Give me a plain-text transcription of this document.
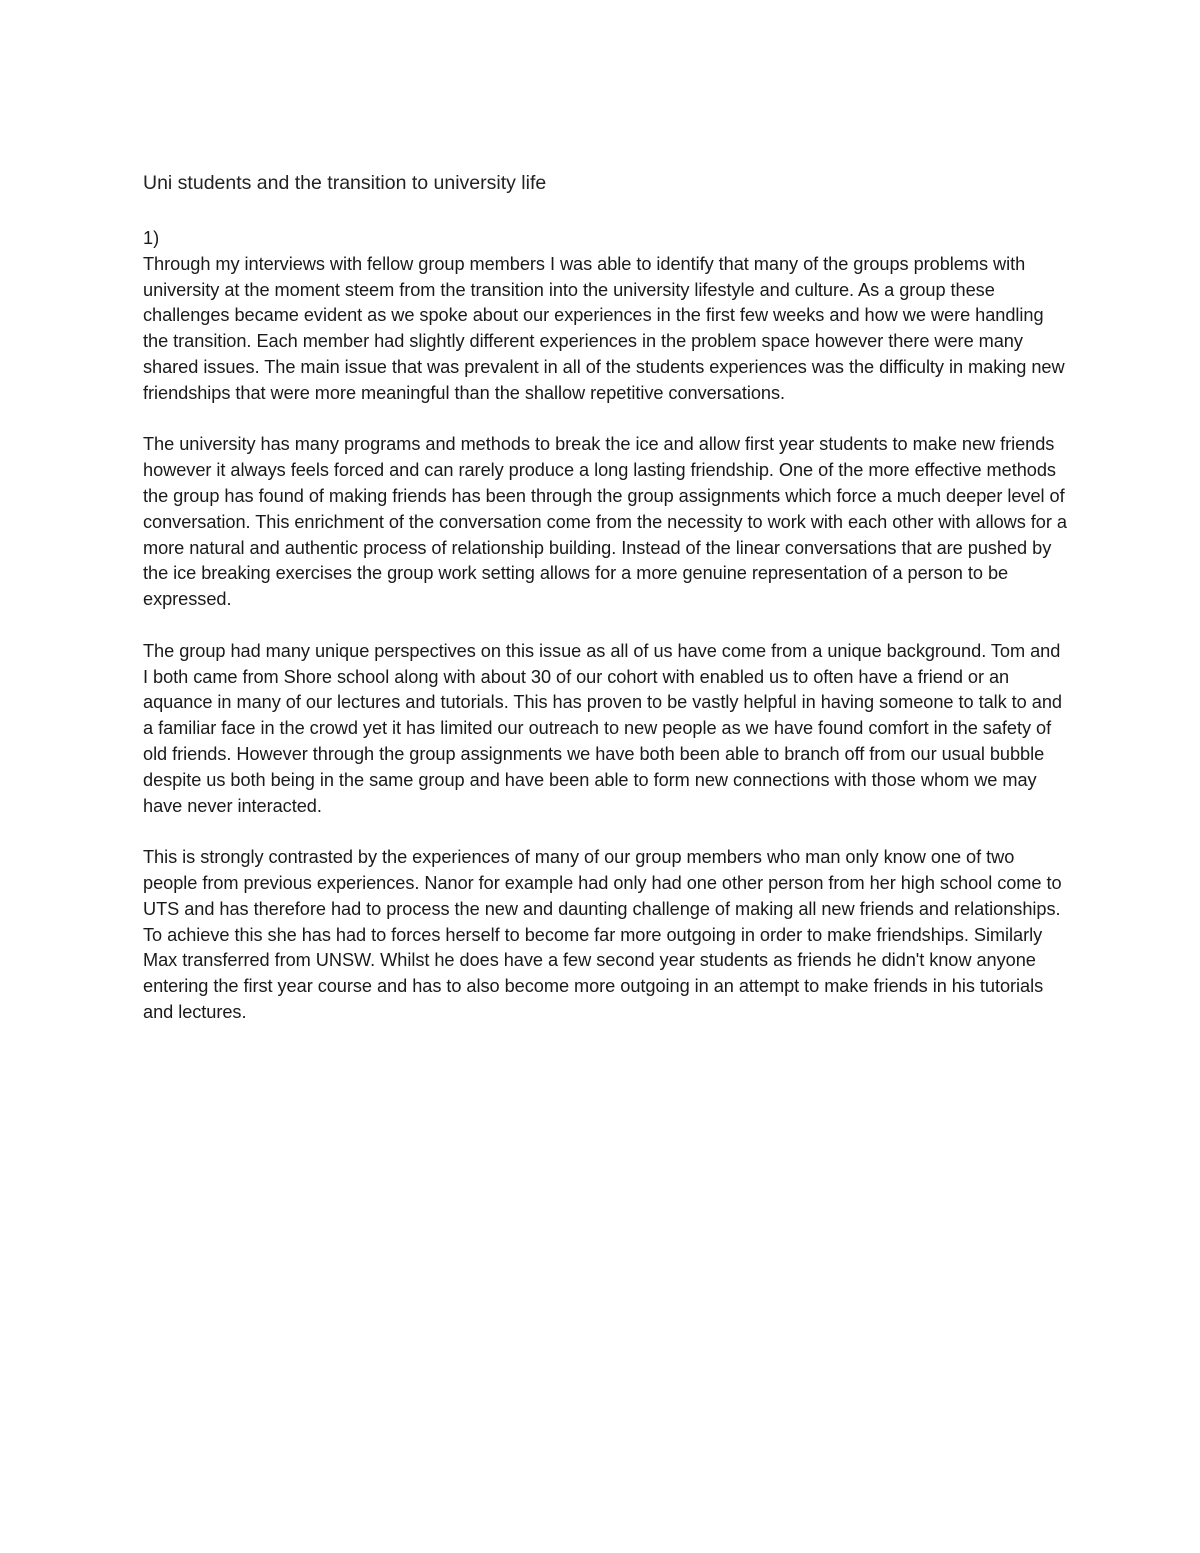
Uni students and the transition to university life
1)

Through my interviews with fellow group members I was able to identify that many of the groups problems with university at the moment steem from the transition into the university lifestyle and culture. As a group these challenges became evident as we spoke about our experiences in the first few weeks and how we were handling the transition. Each member had slightly different experiences in the problem space however there were many shared issues. The main issue that was prevalent in all of the students experiences was the difficulty in making new friendships that were more meaningful than the shallow repetitive conversations.

The university has many programs and methods to break the ice and allow first year students to make new friends however it always feels forced and can rarely produce a long lasting friendship. One of the more effective methods the group has found of making friends has been through the group assignments which force a much deeper level of conversation. This enrichment of the conversation come from the necessity to work with each other with allows for a more natural and authentic process of relationship building. Instead of the linear conversations that are pushed by the ice breaking exercises the group work setting allows for a more genuine representation of a person to be expressed.

The group had many unique perspectives on this issue as all of us have come from a unique background. Tom and I both came from Shore school along with about 30 of our cohort with enabled us to often have a friend or an aquance in many of our lectures and tutorials. This has proven to be vastly helpful in having someone to talk to and a familiar face in the crowd yet it has limited our outreach to new people as we have found comfort in the safety of old friends. However through the group assignments we have both been able to branch off from our usual bubble despite us both being in the same group and have been able to form new connections with those whom we may have never interacted.

This is strongly contrasted by the experiences of many of our group members who man only know one of two people from previous experiences. Nanor for example had only had one other person from her high school come to UTS and has therefore had to process the new and daunting challenge of making all new friends and relationships. To achieve this she has had to forces herself to become far more outgoing in order to make friendships. Similarly Max transferred from UNSW. Whilst he does have a few second year students as friends he didn't know anyone entering the first year course and has to also become more outgoing in an attempt to make friends in his tutorials and lectures.
